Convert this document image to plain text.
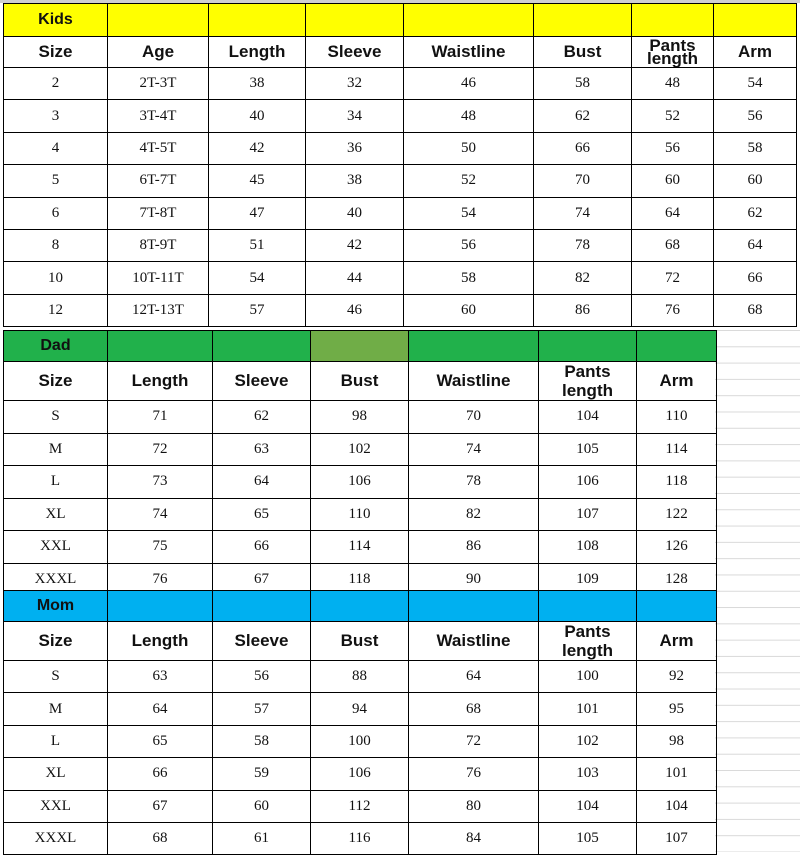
Kids							
Size	Age	Length	Sleeve	Waistline	Bust	Pants length	Arm
2	2T-3T	38	32	46	58	48	54
3	3T-4T	40	34	48	62	52	56
4	4T-5T	42	36	50	66	56	58
5	6T-7T	45	38	52	70	60	60
6	7T-8T	47	40	54	74	64	62
8	8T-9T	51	42	56	78	68	64
10	10T-11T	54	44	58	82	72	66
12	12T-13T	57	46	60	86	76	68
Dad						
Size	Length	Sleeve	Bust	Waistline	Pants length	Arm
S	71	62	98	70	104	110
M	72	63	102	74	105	114
L	73	64	106	78	106	118
XL	74	65	110	82	107	122
XXL	75	66	114	86	108	126
XXXL	76	67	118	90	109	128
Mom						
Size	Length	Sleeve	Bust	Waistline	Pants length	Arm
S	63	56	88	64	100	92
M	64	57	94	68	101	95
L	65	58	100	72	102	98
XL	66	59	106	76	103	101
XXL	67	60	112	80	104	104
XXXL	68	61	116	84	105	107
